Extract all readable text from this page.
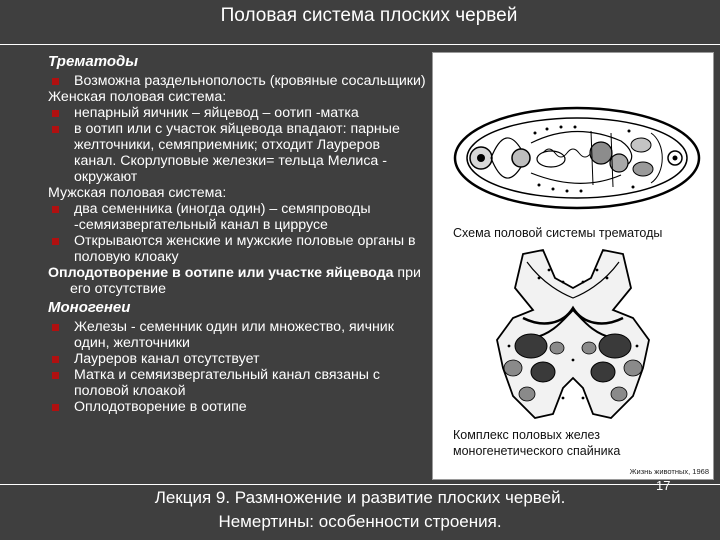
Половая система плоских червей
Трематоды
Возможна раздельнополость (кровяные сосальщики)
Женская половая система:
непарный яичник – яйцевод – оотип -матка
в оотип или с участок яйцевода впадают: парные желточники, семяприемник; отходит Лауреров канал. Скорлуповые железки= тельца Мелиса - окружают
Мужская половая система:
два семенника (иногда один) – семяпроводы -семяизвергательный канал в циррусе
Открываются женские и мужские половые органы в половую клоаку
Оплодотворение в оотипе или участке яйцевода при его отсутствие
Моногенеи
Железы - семенник один или множество, яичник один, желточники
Лауреров канал отсутствует
Матка и семяизвергательный канал связаны с половой клоакой
Оплодотворение в оотипе
Схема половой системы трематоды
Комплекс половых желез
моногенетического спайника
Жизнь животных, 1968
Лекция 9. Размножение и развитие плоских червей.
Немертины: особенности строения.
17
